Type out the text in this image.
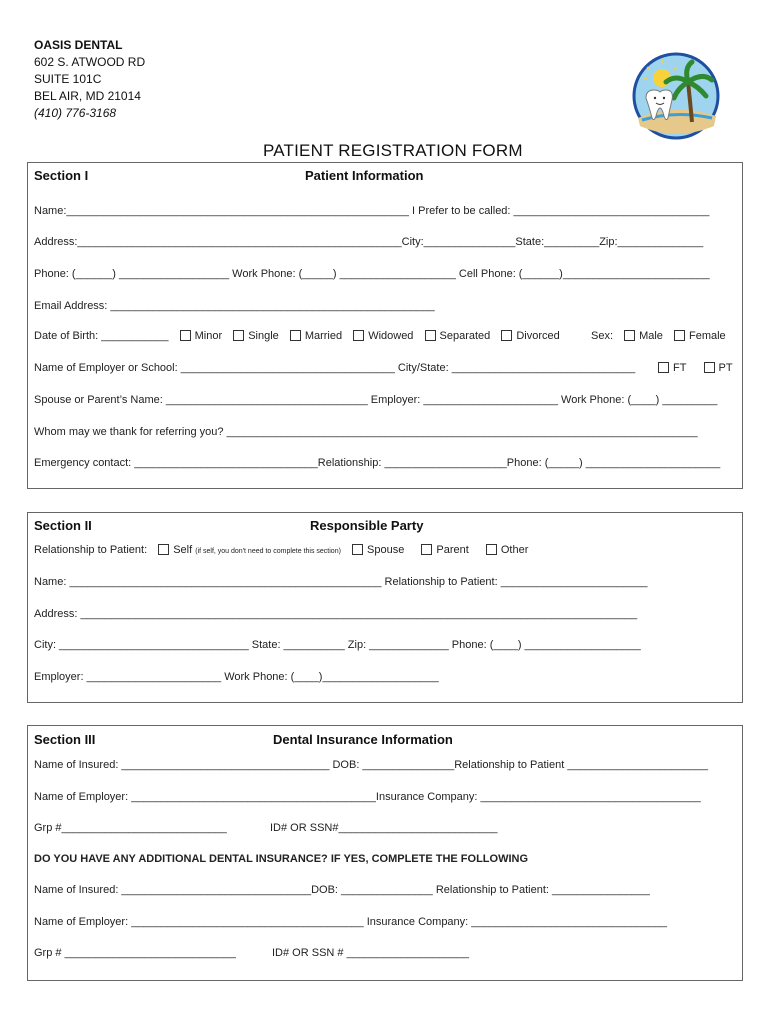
OASIS DENTAL
602 S. ATWOOD RD
SUITE 101C
BEL AIR, MD 21014
(410) 776-3168
PATIENT REGISTRATION FORM
Section I	Patient Information
Name:________________________________________________________ I Prefer to be called: ________________________________
Address:_____________________________________________________City:_______________State:_________Zip:______________
Phone: (______) __________________ Work Phone: (_____) ___________________ Cell Phone: (______)________________________
Email Address: _____________________________________________________
Date of Birth: ___________ Minor Single Married Widowed Separated Divorced	Sex: Male Female
Name of Employer or School: ___________________________________ City/State: ______________________________	FT	PT
Spouse or Parent’s Name: _________________________________ Employer: ______________________ Work Phone: (____) _________
Whom may we thank for referring you? _____________________________________________________________________________
Emergency contact: ______________________________Relationship: ____________________Phone: (_____) ______________________
Section II	Responsible Party
Relationship to Patient: Self (if self, you don't need to complete this section) Spouse	Parent	Other
Name: ___________________________________________________ Relationship to Patient: ________________________
Address: ___________________________________________________________________________________________
City: _______________________________ State: __________ Zip: _____________ Phone: (____) ___________________
Employer: ______________________ Work Phone: (____)___________________
Section III	Dental Insurance Information
Name of Insured: __________________________________ DOB: _______________Relationship to Patient _______________________
Name of Employer: ________________________________________Insurance Company: ____________________________________
Grp #___________________________	ID# OR SSN#__________________________
DO YOU HAVE ANY ADDITIONAL DENTAL INSURANCE? IF YES, COMPLETE THE FOLLOWING
Name of Insured: _______________________________DOB: _______________ Relationship to Patient: ________________
Name of Employer: ______________________________________ Insurance Company: ________________________________
Grp # ____________________________	ID# OR SSN # ____________________
